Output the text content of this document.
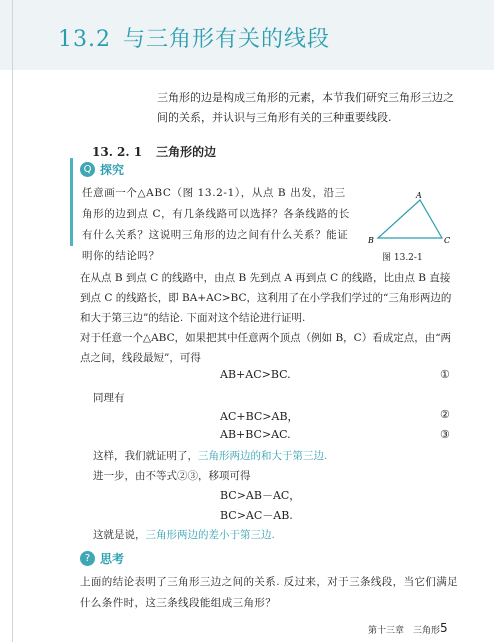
13.2 与三角形有关的线段
三角形的边是构成三角形的元素，本节我们研究三角形三边之间的关系，并认识与三角形有关的三种重要线段.
13. 2. 1 三角形的边
Q 探究
任意画一个△ABC（图 13.2-1），从点 B 出发，沿三角形的边到点 C，有几条线路可以选择？各条线路的长有什么关系？这说明三角形的边之间有什么关系？能证明你的结论吗？
A
B	C
图 13.2-1
在从点 B 到点 C 的线路中，由点 B 先到点 A 再到点 C 的线路，比由点 B 直接到点 C 的线路长，即 BA+AC>BC，这利用了在小学我们学过的“三角形两边的和大于第三边”的结论. 下面对这个结论进行证明.
对于任意一个△ABC，如果把其中任意两个顶点（例如 B，C）看成定点，由“两点之间，线段最短”，可得
AB+AC>BC.	①
同理有
AC+BC>AB，	②
AB+BC>AC.	③
这样，我们就证明了，三角形两边的和大于第三边.
进一步，由不等式②③，移项可得
BC>AB－AC，
BC>AC－AB.
这就是说，三角形两边的差小于第三边.
? 思考
上面的结论表明了三角形三边之间的关系. 反过来，对于三条线段，当它们满足什么条件时，这三条线段能组成三角形？
第十三章　三角形 5
